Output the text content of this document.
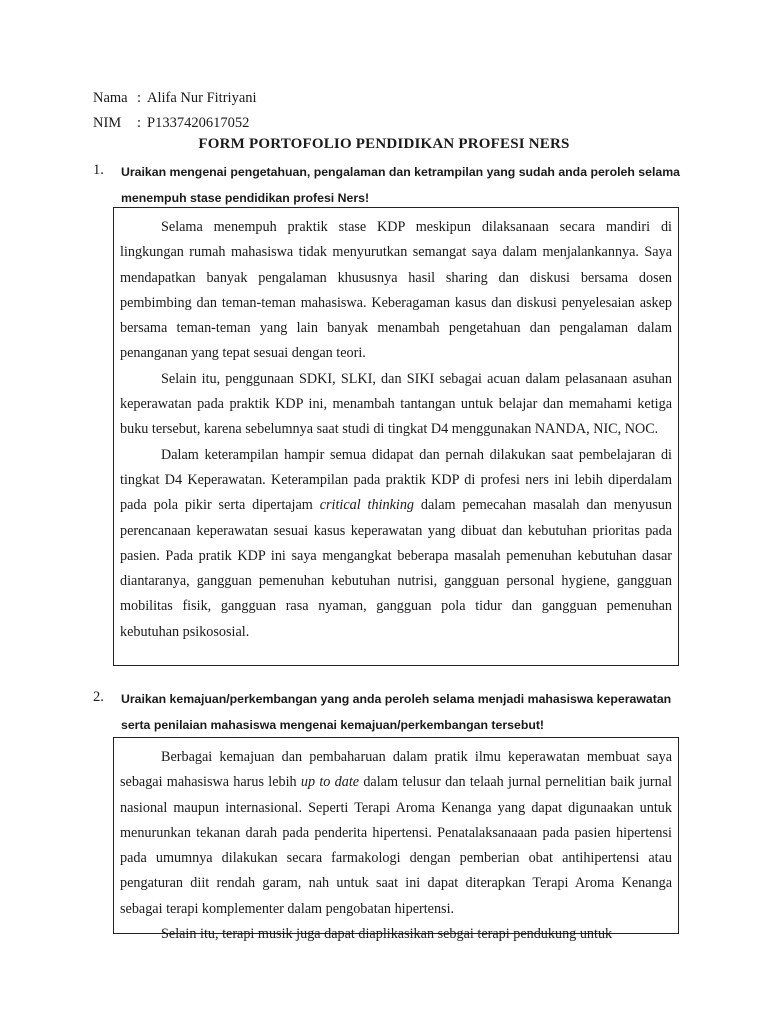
Nama : Alifa Nur Fitriyani
NIM : P1337420617052
FORM PORTOFOLIO PENDIDIKAN PROFESI NERS
1. Uraikan mengenai pengetahuan, pengalaman dan ketrampilan yang sudah anda peroleh selama menempuh stase pendidikan profesi Ners!

Selama menempuh praktik stase KDP meskipun dilaksanaan secara mandiri di lingkungan rumah mahasiswa tidak menyurutkan semangat saya dalam menjalankannya. Saya mendapatkan banyak pengalaman khususnya hasil sharing dan diskusi bersama dosen pembimbing dan teman-teman mahasiswa. Keberagaman kasus dan diskusi penyelesaian askep bersama teman-teman yang lain banyak menambah pengetahuan dan pengalaman dalam penanganan yang tepat sesuai dengan teori.

Selain itu, penggunaan SDKI, SLKI, dan SIKI sebagai acuan dalam pelasanaan asuhan keperawatan pada praktik KDP ini, menambah tantangan untuk belajar dan memahami ketiga buku tersebut, karena sebelumnya saat studi di tingkat D4 menggunakan NANDA, NIC, NOC.

Dalam keterampilan hampir semua didapat dan pernah dilakukan saat pembelajaran di tingkat D4 Keperawatan. Keterampilan pada praktik KDP di profesi ners ini lebih diperdalam pada pola pikir serta dipertajam critical thinking dalam pemecahan masalah dan menyusun perencanaan keperawatan sesuai kasus keperawatan yang dibuat dan kebutuhan prioritas pada pasien. Pada pratik KDP ini saya mengangkat beberapa masalah pemenuhan kebutuhan dasar diantaranya, gangguan pemenuhan kebutuhan nutrisi, gangguan personal hygiene, gangguan mobilitas fisik, gangguan rasa nyaman, gangguan pola tidur dan gangguan pemenuhan kebutuhan psikososial.

2. Uraikan kemajuan/perkembangan yang anda peroleh selama menjadi mahasiswa keperawatan serta penilaian mahasiswa mengenai kemajuan/perkembangan tersebut!

Berbagai kemajuan dan pembaharuan dalam pratik ilmu keperawatan membuat saya sebagai mahasiswa harus lebih up to date dalam telusur dan telaah jurnal pernelitian baik jurnal nasional maupun internasional. Seperti Terapi Aroma Kenanga yang dapat digunaakan untuk menurunkan tekanan darah pada penderita hipertensi. Penatalaksanaaan pada pasien hipertensi pada umumnya dilakukan secara farmakologi dengan pemberian obat antihipertensi atau pengaturan diit rendah garam, nah untuk saat ini dapat diterapkan Terapi Aroma Kenanga sebagai terapi komplementer dalam pengobatan hipertensi.

Selain itu, terapi musik juga dapat diaplikasikan sebgai terapi pendukung untuk
